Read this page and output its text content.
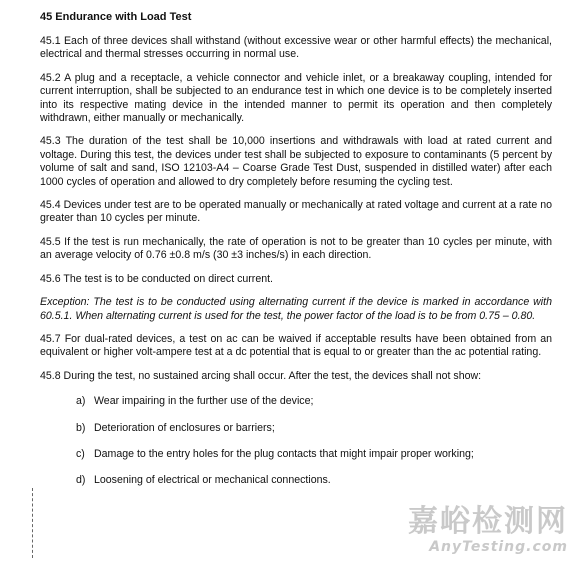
45 Endurance with Load Test

45.1 Each of three devices shall withstand (without excessive wear or other harmful effects) the mechanical, electrical and thermal stresses occurring in normal use.

45.2 A plug and a receptacle, a vehicle connector and vehicle inlet, or a breakaway coupling, intended for current interruption, shall be subjected to an endurance test in which one device is to be completely inserted into its respective mating device in the intended manner to permit its operation and then completely withdrawn, either manually or mechanically.

45.3 The duration of the test shall be 10,000 insertions and withdrawals with load at rated current and voltage. During this test, the devices under test shall be subjected to exposure to contaminants (5 percent by volume of salt and sand, ISO 12103-A4 – Coarse Grade Test Dust, suspended in distilled water) after each 1000 cycles of operation and allowed to dry completely before resuming the cycling test.

45.4 Devices under test are to be operated manually or mechanically at rated voltage and current at a rate no greater than 10 cycles per minute.

45.5 If the test is run mechanically, the rate of operation is not to be greater than 10 cycles per minute, with an average velocity of 0.76 ±0.8 m/s (30 ±3 inches/s) in each direction.

45.6 The test is to be conducted on direct current.

Exception: The test is to be conducted using alternating current if the device is marked in accordance with 60.5.1. When alternating current is used for the test, the power factor of the load is to be from 0.75 – 0.80.

45.7 For dual-rated devices, a test on ac can be waived if acceptable results have been obtained from an equivalent or higher volt-ampere test at a dc potential that is equal to or greater than the ac potential rating.

45.8 During the test, no sustained arcing shall occur. After the test, the devices shall not show:

a) Wear impairing in the further use of the device;
b) Deterioration of enclosures or barriers;
c) Damage to the entry holes for the plug contacts that might impair proper working;
d) Loosening of electrical or mechanical connections.
嘉峪检测网
AnyTesting.com
